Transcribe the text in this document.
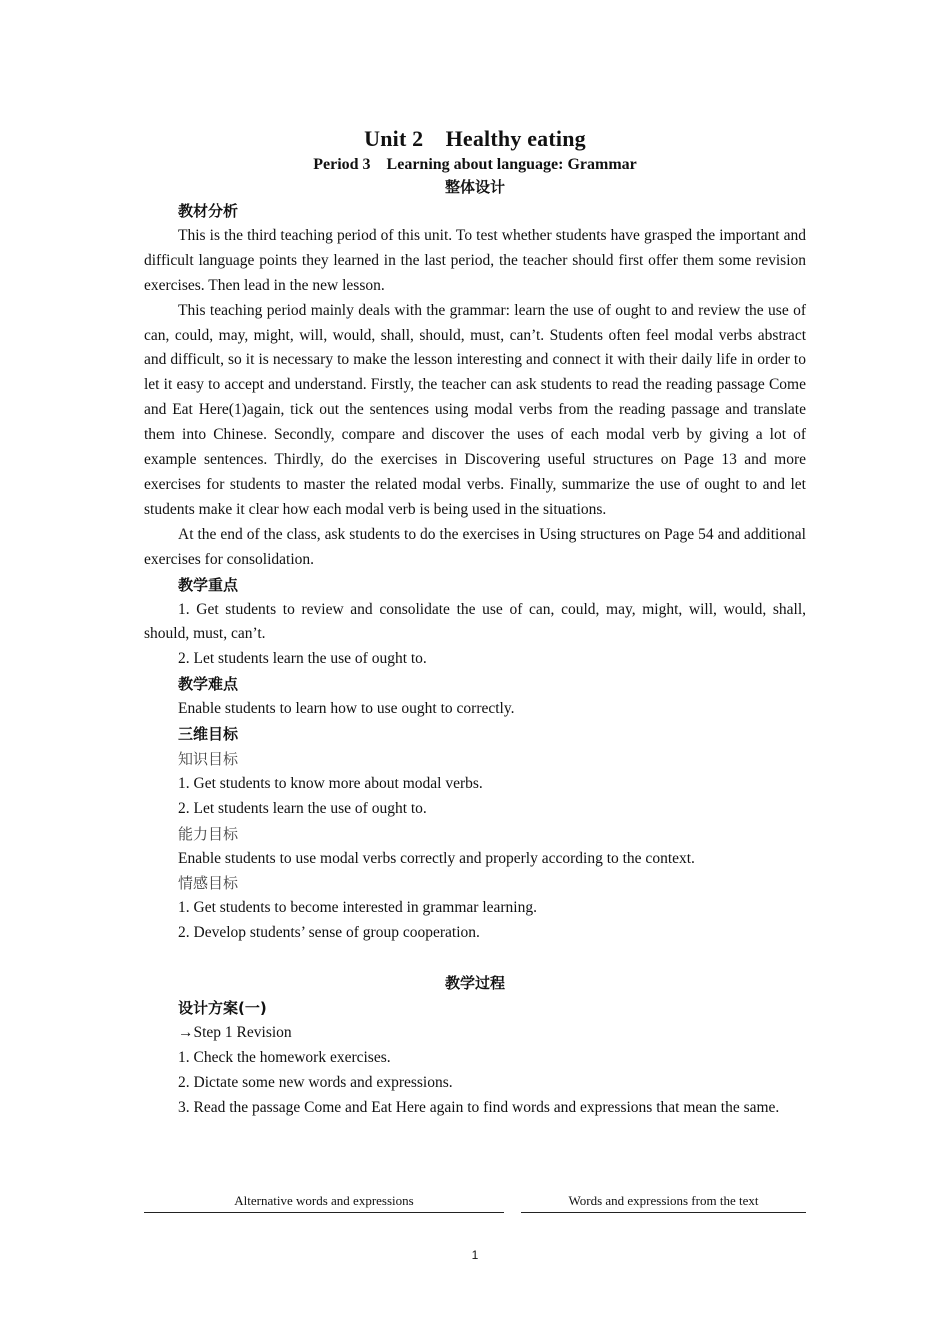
Unit 2　Healthy eating
Period 3　Learning about language: Grammar
整体设计

教材分析

This is the third teaching period of this unit. To test whether students have grasped the important and difficult language points they learned in the last period, the teacher should first offer them some revision exercises. Then lead in the new lesson.

This teaching period mainly deals with the grammar: learn the use of ought to and review the use of can, could, may, might, will, would, shall, should, must, can’t. Students often feel modal verbs abstract and difficult, so it is necessary to make the lesson interesting and connect it with their daily life in order to let it easy to accept and understand. Firstly, the teacher can ask students to read the reading passage Come and Eat Here(1)again, tick out the sentences using modal verbs from the reading passage and translate them into Chinese. Secondly, compare and discover the uses of each modal verb by giving a lot of example sentences. Thirdly, do the exercises in Discovering useful structures on Page 13 and more exercises for students to master the related modal verbs. Finally, summarize the use of ought to and let students make it clear how each modal verb is being used in the situations.

At the end of the class, ask students to do the exercises in Using structures on Page 54 and additional exercises for consolidation.

教学重点

1. Get students to review and consolidate the use of can, could, may, might, will, would, shall, should, must, can’t.

2. Let students learn the use of ought to.

教学难点

Enable students to learn how to use ought to correctly.

三维目标

知识目标

1. Get students to know more about modal verbs.

2. Let students learn the use of ought to.

能力目标

Enable students to use modal verbs correctly and properly according to the context.

情感目标

1. Get students to become interested in grammar learning.

2. Develop students’ sense of group cooperation.

教学过程

设计方案(一)

→Step 1 Revision

1. Check the homework exercises.

2. Dictate some new words and expressions.

3. Read the passage Come and Eat Here again to find words and expressions that mean the same.

Alternative words and expressions	Words and expressions from the text
1
